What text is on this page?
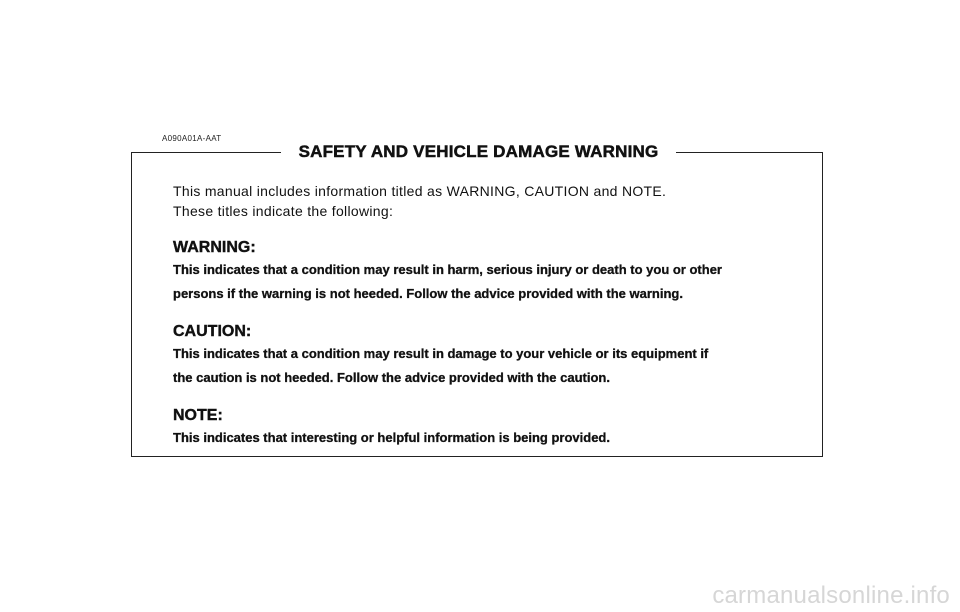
A090A01A-AAT
SAFETY AND VEHICLE DAMAGE WARNING

This manual includes information titled as WARNING, CAUTION and NOTE.

These titles indicate the following:

WARNING:

This indicates that a condition may result in harm, serious injury or death to you or other

persons if the warning is not heeded. Follow the advice provided with the warning.

CAUTION:

This indicates that a condition may result in damage to your vehicle or its equipment if

the caution is not heeded. Follow the advice provided with the caution.

NOTE:

This indicates that interesting or helpful information is being provided.

carmanualsonline.info
